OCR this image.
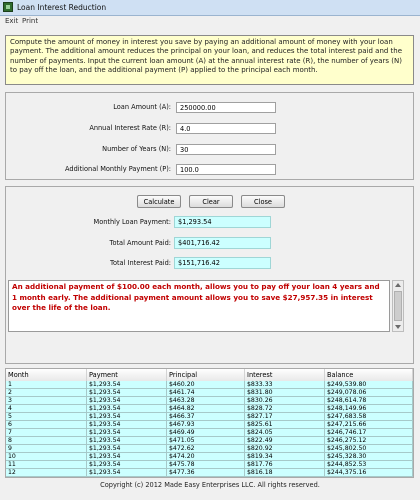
Loan Interest Reduction
Exit Print
Compute the amount of money in interest you save by paying an additional amount of money with your loan payment. The additional amount reduces the principal on your loan, and reduces the total interest paid and the number of payments. Input the current loan amount (A) at the annual interest rate (R), the number of years (N) to pay off the loan, and the additional payment (P) applied to the principal each month.
Loan Amount (A):
250000.00
Annual Interest Rate (R):
4.0
Number of Years (N):
30
Additional Monthly Payment (P):
100.0
Calculate	Clear	Close
Monthly Loan Payment:	$1,293.54
Total Amount Paid:	$401,716.42
Total Interest Paid:	$151,716.42
An additional payment of $100.00 each month, allows you to pay off your loan 4 years and 1 month early. The additional payment amount allows you to save $27,957.35 in interest over the life of the loan.
Month	Payment	Principal	Interest	Balance
1	$1,293.54	$460.20	$833.33	$249,539.80
2	$1,293.54	$461.74	$831.80	$249,078.06
3	$1,293.54	$463.28	$830.26	$248,614.78
4	$1,293.54	$464.82	$828.72	$248,149.96
5	$1,293.54	$466.37	$827.17	$247,683.58
6	$1,293.54	$467.93	$825.61	$247,215.66
7	$1,293.54	$469.49	$824.05	$246,746.17
8	$1,293.54	$471.05	$822.49	$246,275.12
9	$1,293.54	$472.62	$820.92	$245,802.50
10	$1,293.54	$474.20	$819.34	$245,328.30
11	$1,293.54	$475.78	$817.76	$244,852.53
12	$1,293.54	$477.36	$816.18	$244,375.16
Copyright (c) 2012 Made Easy Enterprises LLC. All rights reserved.
